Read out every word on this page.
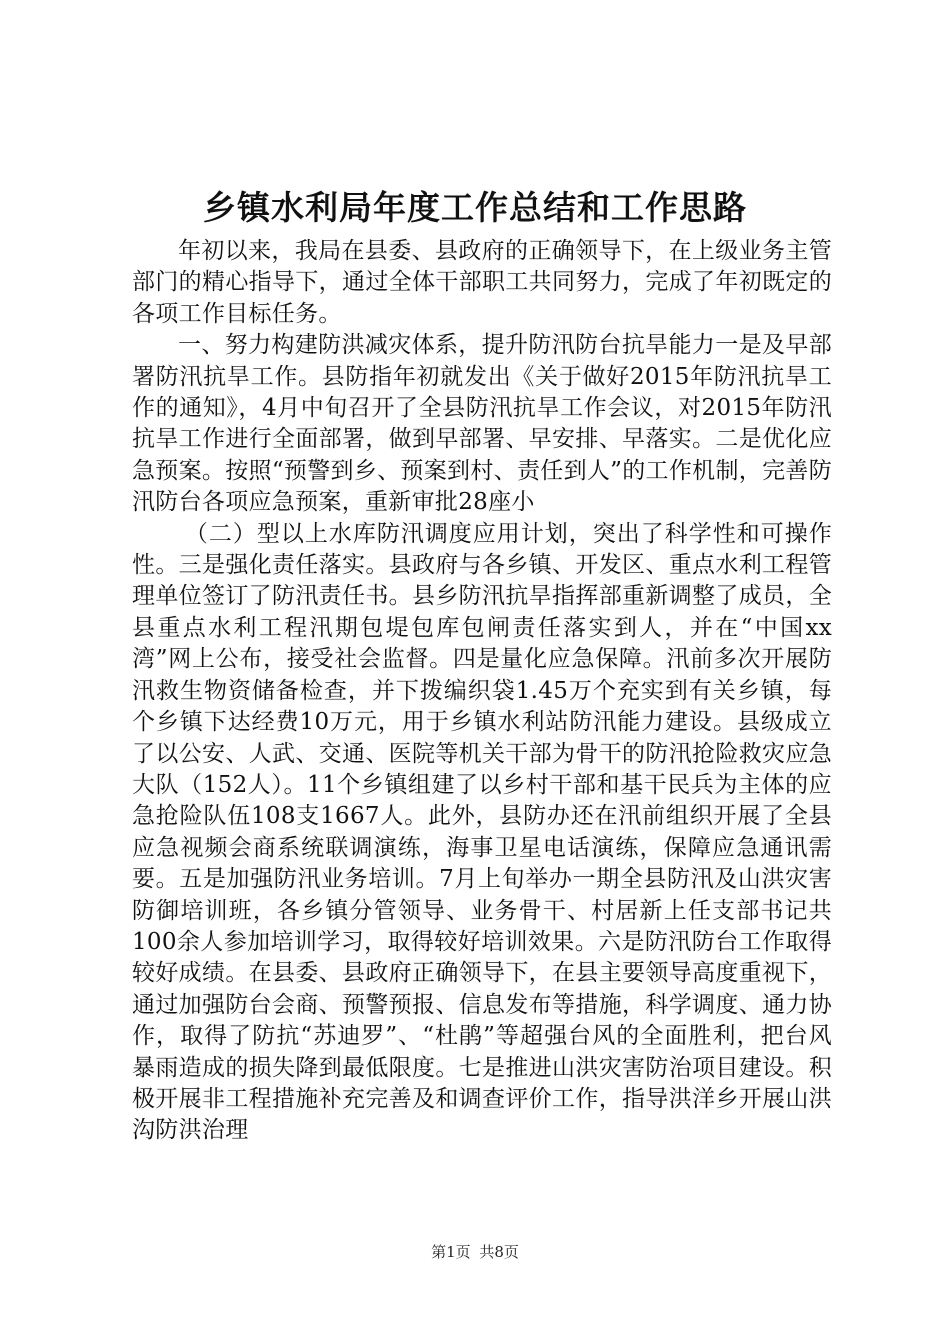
乡镇水利局年度工作总结和工作思路

年初以来，我局在县委、县政府的正确领导下，在上级业务主管部门的精心指导下，通过全体干部职工共同努力，完成了年初既定的各项工作目标任务。

一、努力构建防洪减灾体系，提升防汛防台抗旱能力一是及早部署防汛抗旱工作。县防指年初就发出《关于做好2015年防汛抗旱工作的通知》，4月中旬召开了全县防汛抗旱工作会议，对2015年防汛抗旱工作进行全面部署，做到早部署、早安排、早落实。二是优化应急预案。按照“预警到乡、预案到村、责任到人”的工作机制，完善防汛防台各项应急预案，重新审批28座小

（二）型以上水库防汛调度应用计划，突出了科学性和可操作性。三是强化责任落实。县政府与各乡镇、开发区、重点水利工程管理单位签订了防汛责任书。县乡防汛抗旱指挥部重新调整了成员，全县重点水利工程汛期包堤包库包闸责任落实到人，并在“中国xx湾”网上公布，接受社会监督。四是量化应急保障。汛前多次开展防汛救生物资储备检查，并下拨编织袋1.45万个充实到有关乡镇，每个乡镇下达经费10万元，用于乡镇水利站防汛能力建设。县级成立了以公安、人武、交通、医院等机关干部为骨干的防汛抢险救灾应急大队（152人）。11个乡镇组建了以乡村干部和基干民兵为主体的应急抢险队伍108支1667人。此外，县防办还在汛前组织开展了全县应急视频会商系统联调演练，海事卫星电话演练，保障应急通讯需要。五是加强防汛业务培训。7月上旬举办一期全县防汛及山洪灾害防御培训班，各乡镇分管领导、业务骨干、村居新上任支部书记共100余人参加培训学习，取得较好培训效果。六是防汛防台工作取得较好成绩。在县委、县政府正确领导下，在县主要领导高度重视下，通过加强防台会商、预警预报、信息发布等措施，科学调度、通力协作，取得了防抗“苏迪罗”、“杜鹃”等超强台风的全面胜利，把台风暴雨造成的损失降到最低限度。七是推进山洪灾害防治项目建设。积极开展非工程措施补充完善及和调查评价工作，指导洪洋乡开展山洪沟防洪治理

第1页 共8页
